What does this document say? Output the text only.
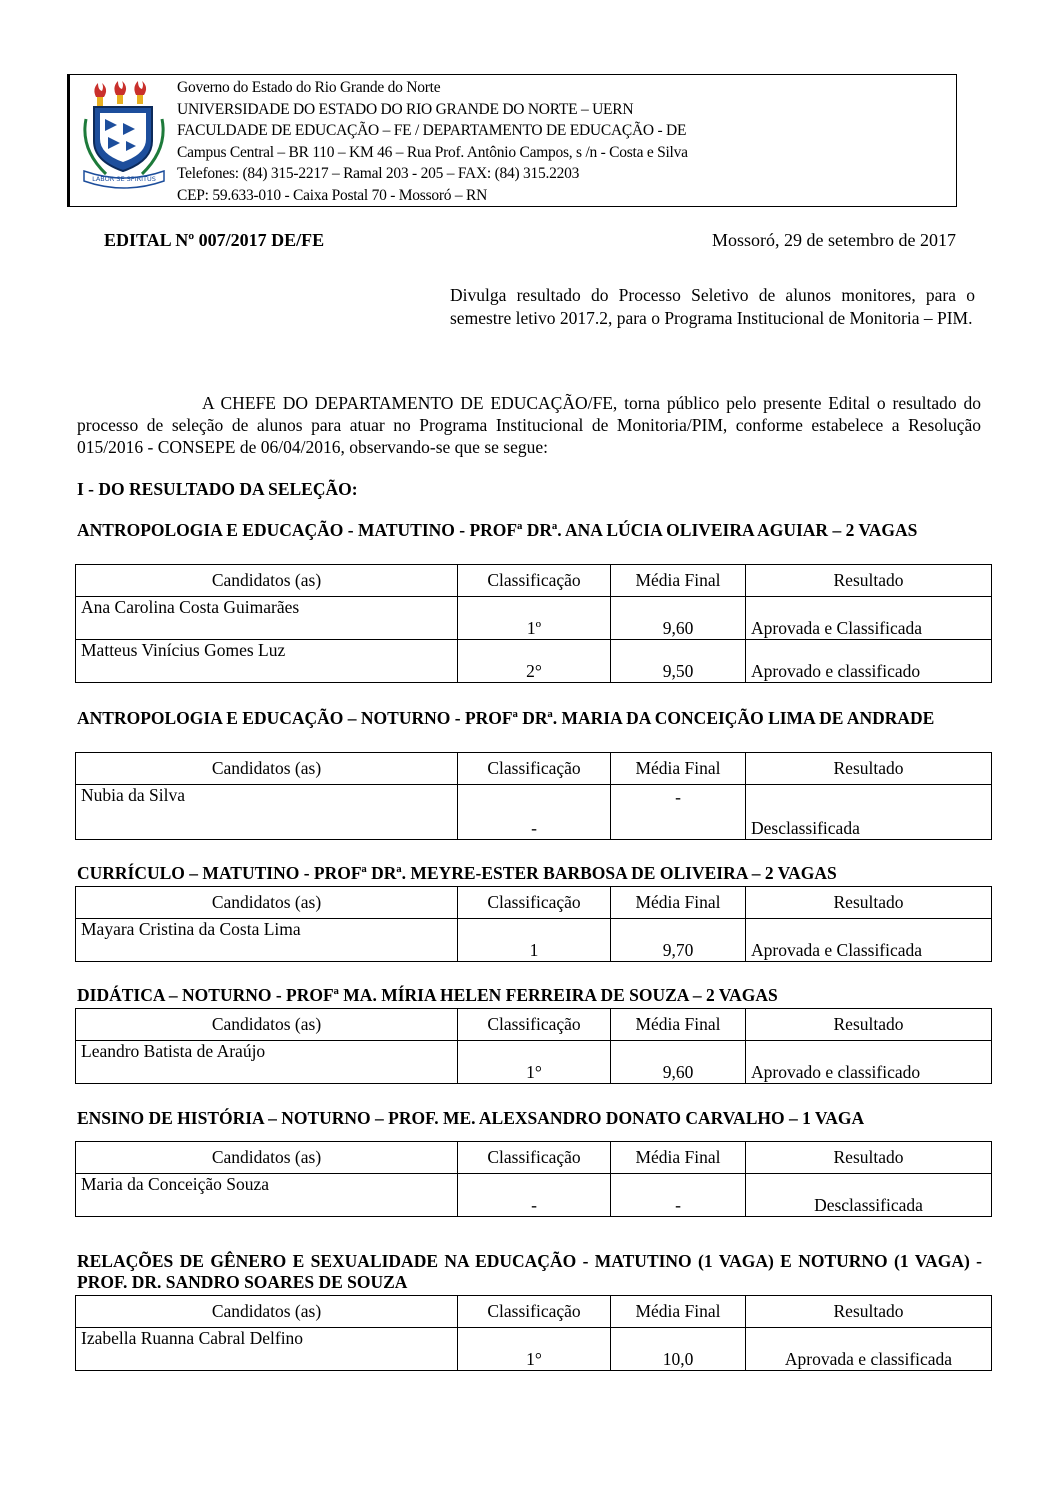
LABOR SE SPIRITUS
Governo do Estado do Rio Grande do Norte
UNIVERSIDADE DO ESTADO DO RIO GRANDE DO NORTE – UERN
FACULDADE DE EDUCAÇÃO – FE / DEPARTAMENTO DE EDUCAÇÃO - DE
Campus Central – BR 110 – KM 46 – Rua Prof. Antônio Campos, s /n - Costa e Silva
Telefones: (84) 315-2217 – Ramal 203 - 205 – FAX: (84) 315.2203
CEP: 59.633-010 - Caixa Postal 70 - Mossoró – RN
EDITAL Nº 007/2017 DE/FE	Mossoró, 29 de setembro de 2017
Divulga resultado do Processo Seletivo de alunos monitores, para o semestre letivo 2017.2, para o Programa Institucional de Monitoria – PIM.
A CHEFE DO DEPARTAMENTO DE EDUCAÇÃO/FE, torna público pelo presente Edital o resultado do processo de seleção de alunos para atuar no Programa Institucional de Monitoria/PIM, conforme estabelece a Resolução 015/2016 - CONSEPE de 06/04/2016, observando-se que se segue:
I - DO RESULTADO DA SELEÇÃO:
ANTROPOLOGIA E EDUCAÇÃO - MATUTINO - PROFª DRª. ANA LÚCIA OLIVEIRA AGUIAR – 2 VAGAS
Candidatos (as)	Classificação	Média Final	Resultado
Ana Carolina Costa Guimarães	1º	9,60	Aprovada e Classificada
Matteus Vinícius Gomes Luz	2°	9,50	Aprovado e classificado
ANTROPOLOGIA E EDUCAÇÃO – NOTURNO - PROFª DRª. MARIA DA CONCEIÇÃO LIMA DE ANDRADE
Candidatos (as)	Classificação	Média Final	Resultado
Nubia da Silva	-	-	Desclassificada
CURRÍCULO – MATUTINO - PROFª DRª. MEYRE-ESTER BARBOSA DE OLIVEIRA – 2 VAGAS
Candidatos (as)	Classificação	Média Final	Resultado
Mayara Cristina da Costa Lima	1	9,70	Aprovada e Classificada
DIDÁTICA – NOTURNO - PROFª MA. MÍRIA HELEN FERREIRA DE SOUZA – 2 VAGAS
Candidatos (as)	Classificação	Média Final	Resultado
Leandro Batista de Araújo	1°	9,60	Aprovado e classificado
ENSINO DE HISTÓRIA – NOTURNO – PROF. ME. ALEXSANDRO DONATO CARVALHO – 1 VAGA
Candidatos (as)	Classificação	Média Final	Resultado
Maria da Conceição Souza	-	-	Desclassificada
RELAÇÕES DE GÊNERO E SEXUALIDADE NA EDUCAÇÃO - MATUTINO (1 VAGA) E NOTURNO (1 VAGA) - PROF. DR. SANDRO SOARES DE SOUZA
Candidatos (as)	Classificação	Média Final	Resultado
Izabella Ruanna Cabral Delfino	1°	10,0	Aprovada e classificada
